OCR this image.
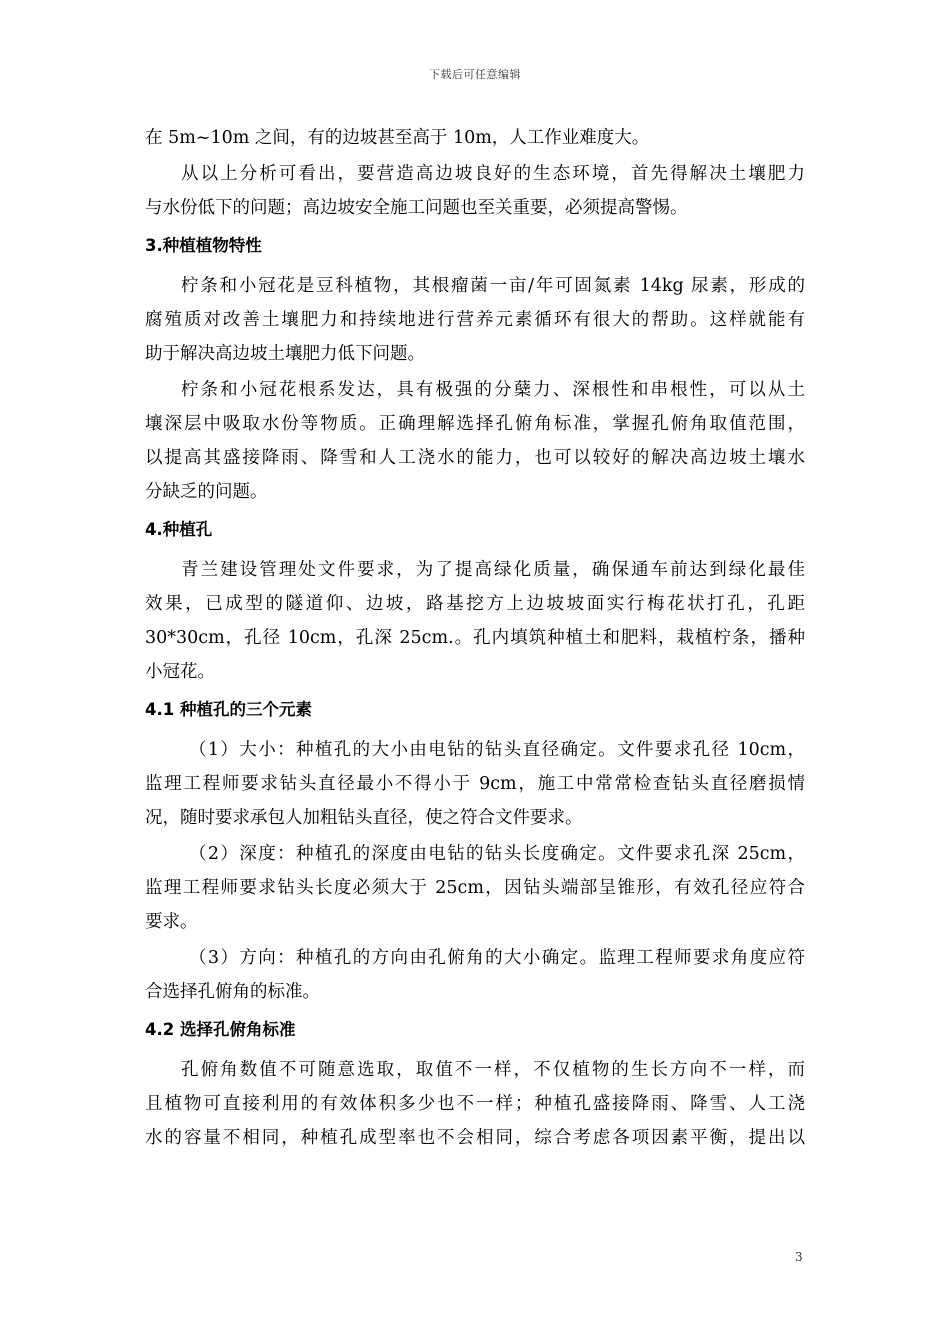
下载后可任意编辑
在 5m~10m 之间，有的边坡甚至高于 10m，人工作业难度大。
从以上分析可看出，要营造高边坡良好的生态环境，首先得解决土壤肥力
与水份低下的问题；高边坡安全施工问题也至关重要，必须提高警惕。
3.种植植物特性
柠条和小冠花是豆科植物，其根瘤菌一亩/年可固氮素 14kg 尿素，形成的
腐殖质对改善土壤肥力和持续地进行营养元素循环有很大的帮助。这样就能有
助于解决高边坡土壤肥力低下问题。
柠条和小冠花根系发达，具有极强的分蘖力、深根性和串根性，可以从土
壤深层中吸取水份等物质。正确理解选择孔俯角标准，掌握孔俯角取值范围，
以提高其盛接降雨、降雪和人工浇水的能力，也可以较好的解决高边坡土壤水
分缺乏的问题。
4.种植孔
青兰建设管理处文件要求，为了提高绿化质量，确保通车前达到绿化最佳
效果，已成型的隧道仰、边坡，路基挖方上边坡坡面实行梅花状打孔，孔距
30*30cm，孔径 10cm，孔深 25cm.。孔内填筑种植土和肥料，栽植柠条，播种
小冠花。
4.1 种植孔的三个元素
（1）大小：种植孔的大小由电钻的钻头直径确定。文件要求孔径 10cm，
监理工程师要求钻头直径最小不得小于 9cm，施工中常常检查钻头直径磨损情
况，随时要求承包人加粗钻头直径，使之符合文件要求。
（2）深度：种植孔的深度由电钻的钻头长度确定。文件要求孔深 25cm，
监理工程师要求钻头长度必须大于 25cm，因钻头端部呈锥形，有效孔径应符合
要求。
（3）方向：种植孔的方向由孔俯角的大小确定。监理工程师要求角度应符
合选择孔俯角的标准。
4.2 选择孔俯角标准
孔俯角数值不可随意选取，取值不一样，不仅植物的生长方向不一样，而
且植物可直接利用的有效体积多少也不一样；种植孔盛接降雨、降雪、人工浇
水的容量不相同，种植孔成型率也不会相同，综合考虑各项因素平衡，提出以
3
